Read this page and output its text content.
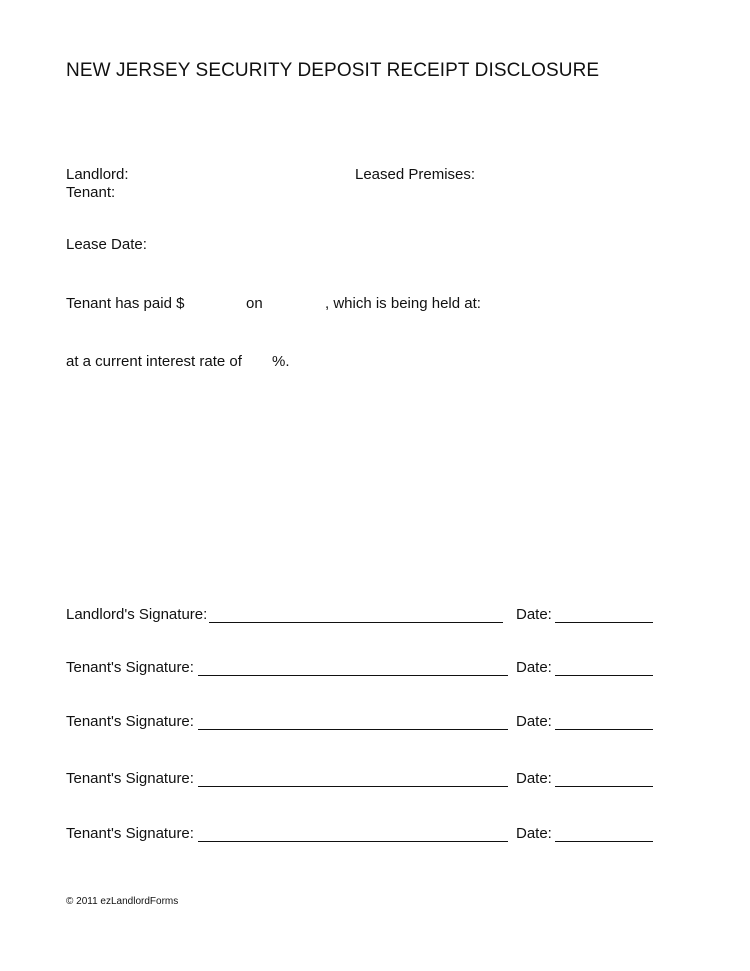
NEW JERSEY SECURITY DEPOSIT RECEIPT DISCLOSURE
Landlord:	Leased Premises:
Tenant:
Lease Date:
Tenant has paid $	on	, which is being held at:
at a current interest rate of %.
Landlord's Signature:	Date:
Tenant's Signature:	Date:
Tenant's Signature:	Date:
Tenant's Signature:	Date:
Tenant's Signature:	Date:
© 2011 ezLandlordForms
